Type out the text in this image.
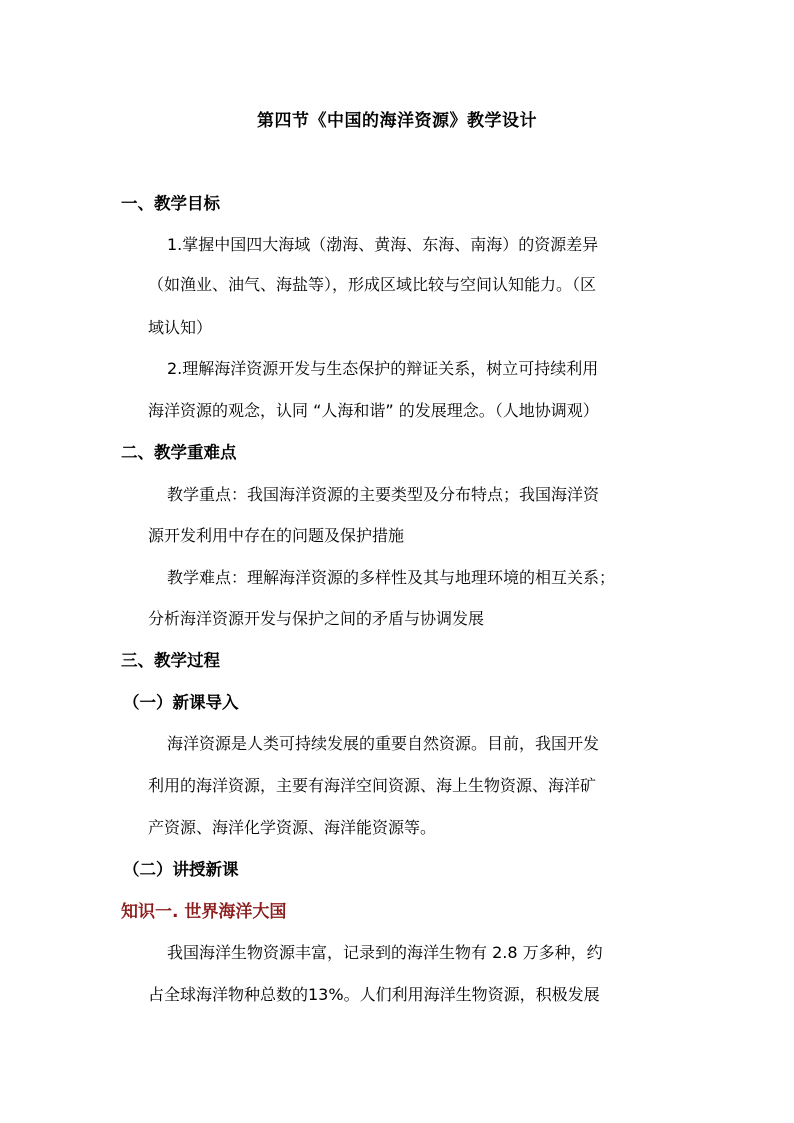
第四节《中国的海洋资源》教学设计
一、教学目标
1.掌握中国四大海域（渤海、黄海、东海、南海）的资源差异
（如渔业、油气、海盐等），形成区域比较与空间认知能力。（区
域认知）
2.理解海洋资源开发与生态保护的辩证关系，树立可持续利用
海洋资源的观念，认同 “人海和谐” 的发展理念。（人地协调观）
二、教学重难点
教学重点：我国海洋资源的主要类型及分布特点；我国海洋资
源开发利用中存在的问题及保护措施
教学难点：理解海洋资源的多样性及其与地理环境的相互关系；
分析海洋资源开发与保护之间的矛盾与协调发展
三、教学过程
（一）新课导入
海洋资源是人类可持续发展的重要自然资源。目前，我国开发
利用的海洋资源，主要有海洋空间资源、海上生物资源、海洋矿
产资源、海洋化学资源、海洋能资源等。
（二）讲授新课
知识一. 世界海洋大国
我国海洋生物资源丰富，记录到的海洋生物有 2.8 万多种，约
占全球海洋物种总数的13%。人们利用海洋生物资源，积极发展
